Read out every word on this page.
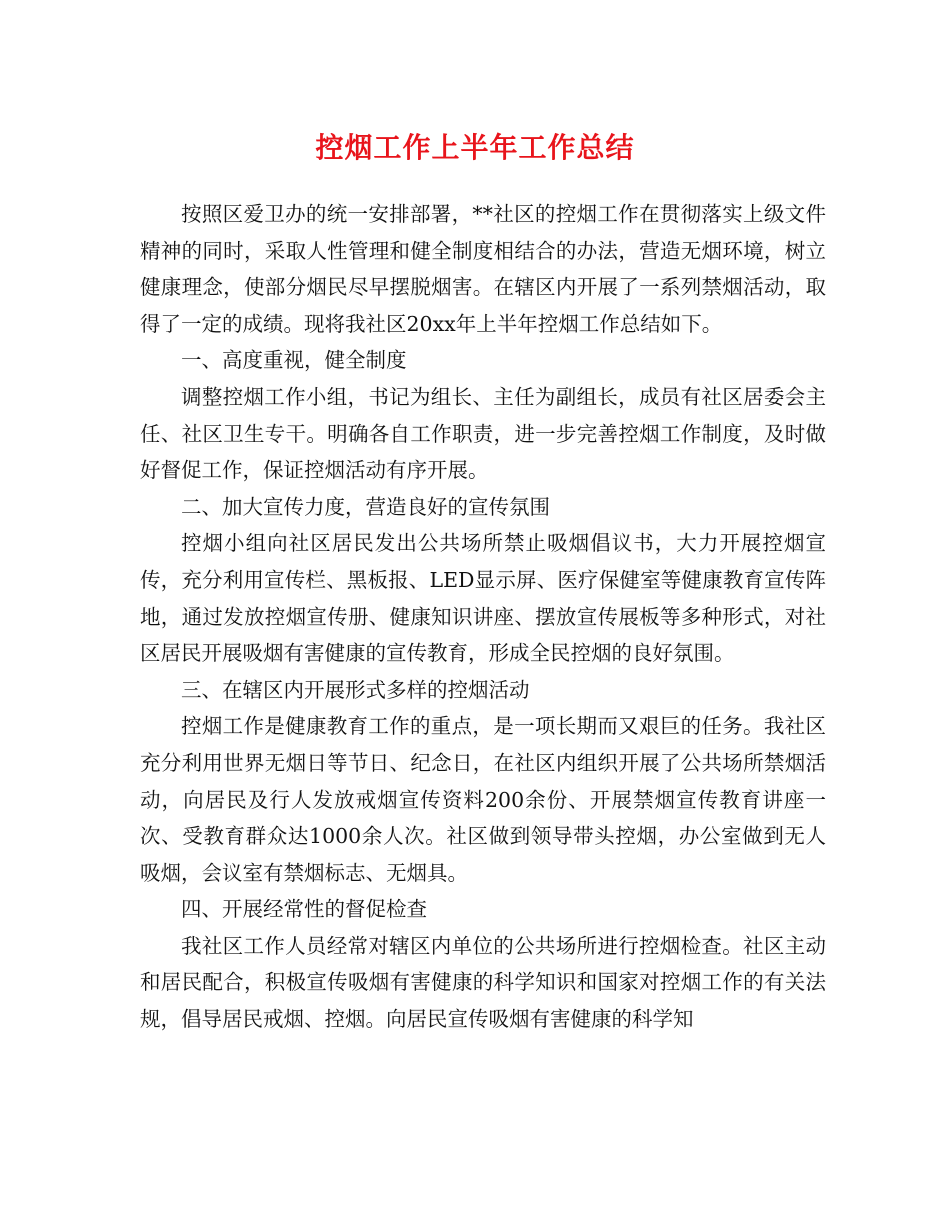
控烟工作上半年工作总结

按照区爱卫办的统一安排部署，**社区的控烟工作在贯彻落实上级文件精神的同时，采取人性管理和健全制度相结合的办法，营造无烟环境，树立健康理念，使部分烟民尽早摆脱烟害。在辖区内开展了一系列禁烟活动，取得了一定的成绩。现将我社区20xx年上半年控烟工作总结如下。

一、高度重视，健全制度

调整控烟工作小组，书记为组长、主任为副组长，成员有社区居委会主任、社区卫生专干。明确各自工作职责，进一步完善控烟工作制度，及时做好督促工作，保证控烟活动有序开展。

二、加大宣传力度，营造良好的宣传氛围

控烟小组向社区居民发出公共场所禁止吸烟倡议书，大力开展控烟宣传，充分利用宣传栏、黑板报、LED显示屏、医疗保健室等健康教育宣传阵地，通过发放控烟宣传册、健康知识讲座、摆放宣传展板等多种形式，对社区居民开展吸烟有害健康的宣传教育，形成全民控烟的良好氛围。

三、在辖区内开展形式多样的控烟活动

控烟工作是健康教育工作的重点，是一项长期而又艰巨的任务。我社区充分利用世界无烟日等节日、纪念日，在社区内组织开展了公共场所禁烟活动，向居民及行人发放戒烟宣传资料200余份、开展禁烟宣传教育讲座一次、受教育群众达1000余人次。社区做到领导带头控烟，办公室做到无人吸烟，会议室有禁烟标志、无烟具。

四、开展经常性的督促检查

我社区工作人员经常对辖区内单位的公共场所进行控烟检查。社区主动和居民配合，积极宣传吸烟有害健康的科学知识和国家对控烟工作的有关法规，倡导居民戒烟、控烟。向居民宣传吸烟有害健康的科学知
